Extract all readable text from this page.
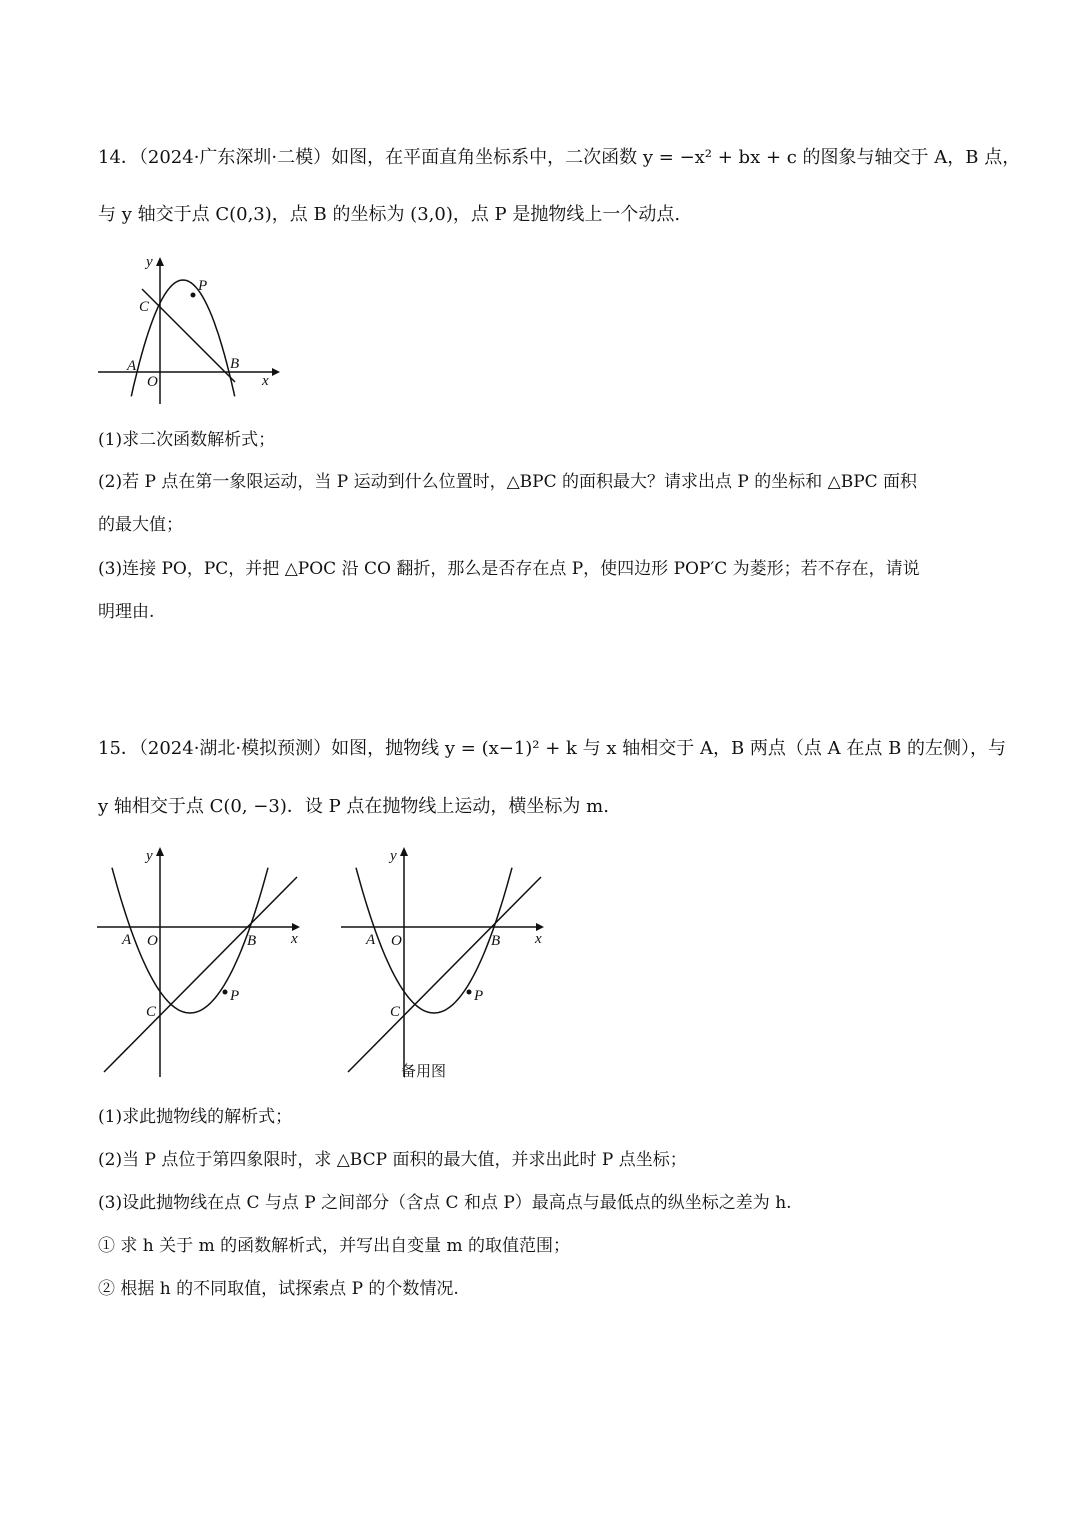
14．（2024·广东深圳·二模）如图，在平面直角坐标系中，二次函数 y = −x² + bx + c 的图象与轴交于 A，B 点，
与 y 轴交于点 C(0,3)，点 B 的坐标为 (3,0)，点 P 是抛物线上一个动点.
y
x
C
P
A
O
B
(1)求二次函数解析式；
(2)若 P 点在第一象限运动，当 P 运动到什么位置时，△BPC 的面积最大？请求出点 P 的坐标和 △BPC 面积
的最大值；
(3)连接 PO，PC，并把 △POC 沿 CO 翻折，那么是否存在点 P，使四边形 POP′C 为菱形；若不存在，请说
明理由.
15．（2024·湖北·模拟预测）如图，抛物线 y = (x−1)² + k 与 x 轴相交于 A，B 两点（点 A 在点 B 的左侧），与
y 轴相交于点 C(0, −3)．设 P 点在抛物线上运动，横坐标为 m.
y
x
A O	B
C
P
y
x
A O	B
C
P
备用图
(1)求此抛物线的解析式；
(2)当 P 点位于第四象限时，求 △BCP 面积的最大值，并求出此时 P 点坐标；
(3)设此抛物线在点 C 与点 P 之间部分（含点 C 和点 P）最高点与最低点的纵坐标之差为 h.
① 求 h 关于 m 的函数解析式，并写出自变量 m 的取值范围；
② 根据 h 的不同取值，试探索点 P 的个数情况.
